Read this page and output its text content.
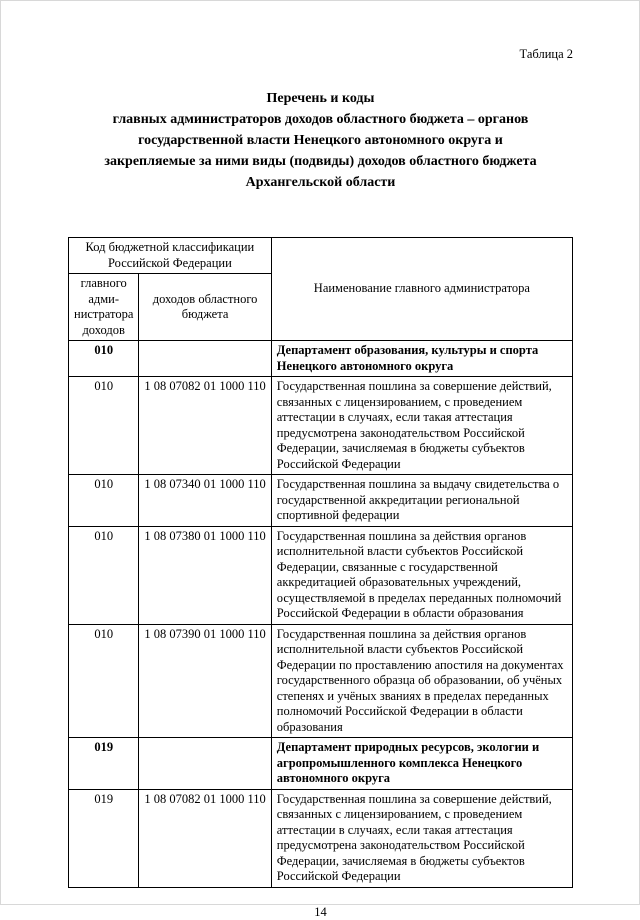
Таблица 2
Перечень и коды
главных администраторов доходов областного бюджета – органов
государственной власти Ненецкого автономного округа и
закрепляемые за ними виды (подвиды) доходов областного бюджета
Архангельской области
Код бюджетной классификации Российской Федерации		Наименование главного администратора

главного
адми-
нистратора
доходов	доходов областного бюджета	
010		Департамент образования, культуры и спорта Ненецкого автономного округа
010	1 08 07082 01 1000 110	Государственная пошлина за совершение действий, связанных с лицензированием, с проведением аттестации в случаях, если такая аттестация предусмотрена законодательством Российской Федерации, зачисляемая в бюджеты субъектов Российской Федерации
010	1 08 07340 01 1000 110	Государственная пошлина за выдачу свидетельства о государственной аккредитации региональной спортивной федерации
010	1 08 07380 01 1000 110	Государственная пошлина за действия органов исполнительной власти субъектов Российской Федерации, связанные с государственной аккредитацией образовательных учреждений, осуществляемой в пределах переданных полномочий Российской Федерации в области образования
010	1 08 07390 01 1000 110	Государственная пошлина за действия органов исполнительной власти субъектов Российской Федерации по проставлению апостиля на документах государственного образца об образовании, об учёных степенях и учёных званиях в пределах переданных полномочий Российской Федерации в области образования
019		Департамент природных ресурсов, экологии и агропромышленного комплекса Ненецкого автономного округа
019	1 08 07082 01 1000 110	Государственная пошлина за совершение действий, связанных с лицензированием, с проведением аттестации в случаях, если такая аттестация предусмотрена законодательством Российской Федерации, зачисляемая в бюджеты субъектов Российской Федерации
14
